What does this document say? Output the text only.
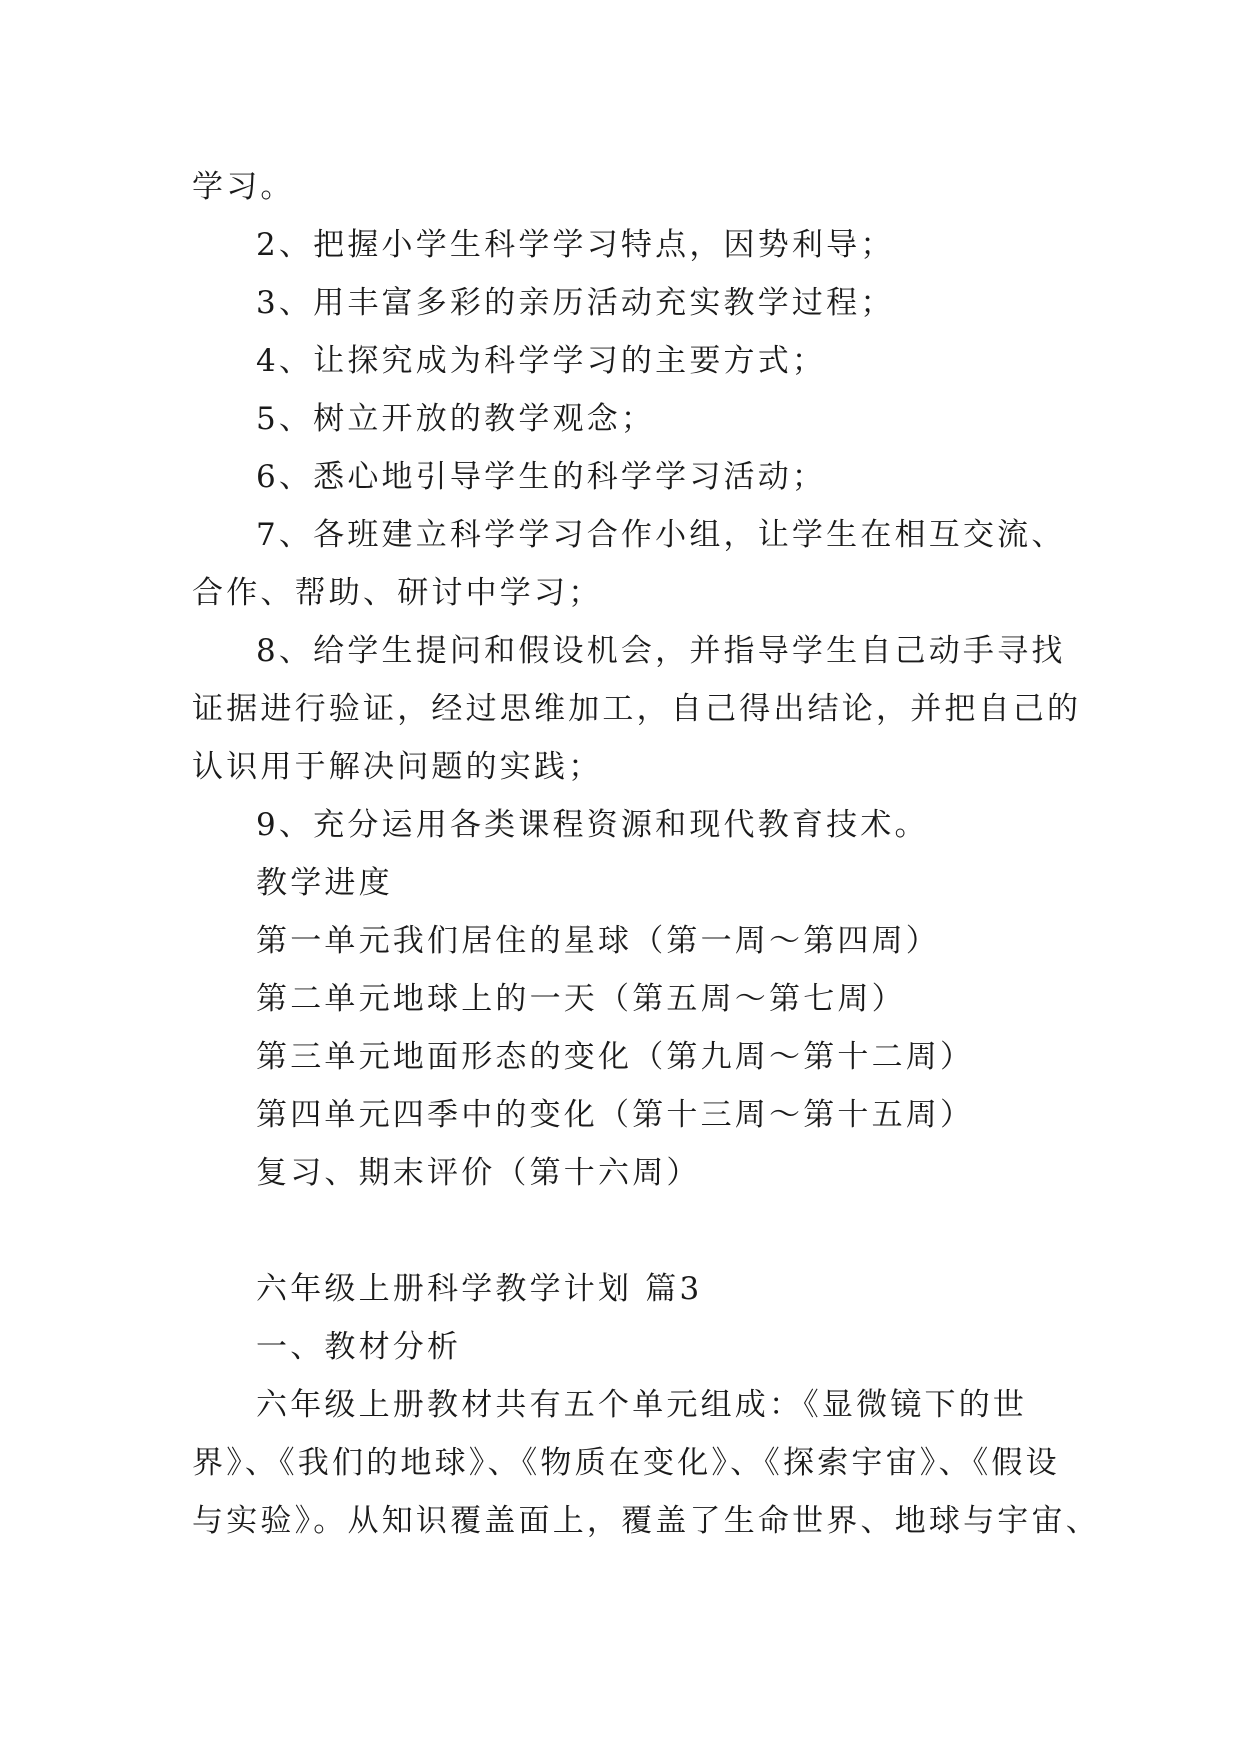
学习。
2、把握小学生科学学习特点，因势利导；
3、用丰富多彩的亲历活动充实教学过程；
4、让探究成为科学学习的主要方式；
5、树立开放的教学观念；
6、悉心地引导学生的科学学习活动；
7、各班建立科学学习合作小组，让学生在相互交流、
合作、帮助、研讨中学习；
8、给学生提问和假设机会，并指导学生自己动手寻找
证据进行验证，经过思维加工，自己得出结论，并把自己的
认识用于解决问题的实践；
9、充分运用各类课程资源和现代教育技术。
教学进度
第一单元我们居住的星球（第一周～第四周）
第二单元地球上的一天（第五周～第七周）
第三单元地面形态的变化（第九周～第十二周）
第四单元四季中的变化（第十三周～第十五周）
复习、期末评价（第十六周）
六年级上册科学教学计划 篇3
一、教材分析
六年级上册教材共有五个单元组成：《显微镜下的世
界》、《我们的地球》、《物质在变化》、《探索宇宙》、《假设
与实验》。从知识覆盖面上，覆盖了生命世界、地球与宇宙、
